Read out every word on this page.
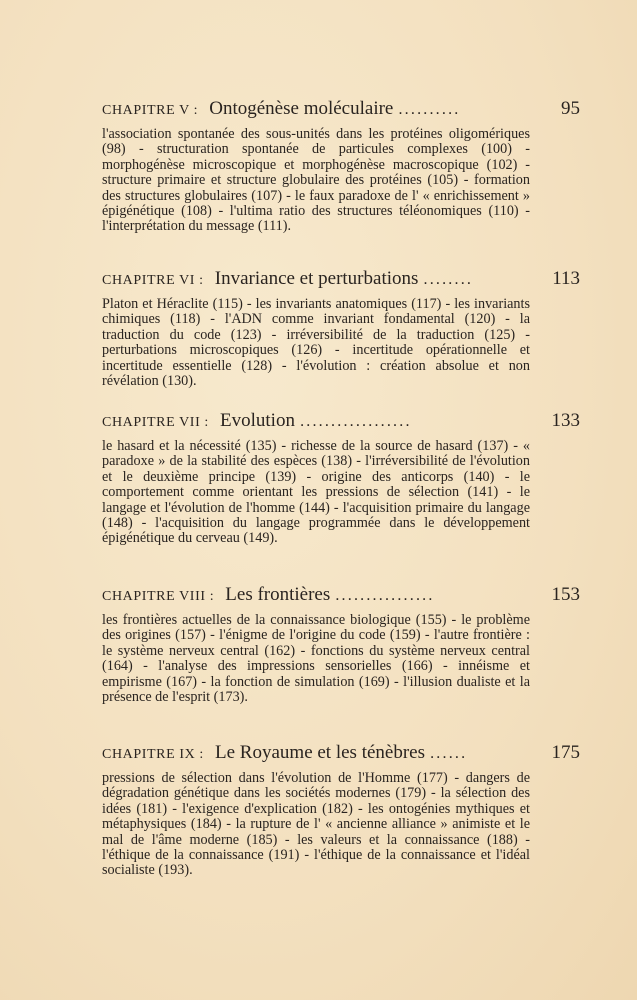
CHAPITRE V : Ontogénèse moléculaire ..........	95

l'association spontanée des sous-unités dans les protéines oligomériques (98) - structuration spontanée de particules complexes (100) - morphogénèse microscopique et morphogénèse macroscopique (102) - structure primaire et structure globulaire des protéines (105) - formation des structures globulaires (107) - le faux paradoxe de l' « enrichissement » épigénétique (108) - l'ultima ratio des structures téléonomiques (110) - l'interprétation du message (111).

CHAPITRE VI : Invariance et perturbations ........	113

Platon et Héraclite (115) - les invariants anatomiques (117) - les invariants chimiques (118) - l'ADN comme invariant fondamental (120) - la traduction du code (123) - irréversibilité de la traduction (125) - perturbations microscopiques (126) - incertitude opérationnelle et incertitude essentielle (128) - l'évolution : création absolue et non révélation (130).

CHAPITRE VII : Evolution ..................	133

le hasard et la nécessité (135) - richesse de la source de hasard (137) - « paradoxe » de la stabilité des espèces (138) - l'irréversibilité de l'évolution et le deuxième principe (139) - origine des anticorps (140) - le comportement comme orientant les pressions de sélection (141) - le langage et l'évolution de l'homme (144) - l'acquisition primaire du langage (148) - l'acquisition du langage programmée dans le développement épigénétique du cerveau (149).

CHAPITRE VIII : Les frontières ................	153

les frontières actuelles de la connaissance biologique (155) - le problème des origines (157) - l'énigme de l'origine du code (159) - l'autre frontière : le système nerveux central (162) - fonctions du système nerveux central (164) - l'analyse des impressions sensorielles (166) - innéisme et empirisme (167) - la fonction de simulation (169) - l'illusion dualiste et la présence de l'esprit (173).

CHAPITRE IX : Le Royaume et les ténèbres ......	175

pressions de sélection dans l'évolution de l'Homme (177) - dangers de dégradation génétique dans les sociétés modernes (179) - la sélection des idées (181) - l'exigence d'explication (182) - les ontogénies mythiques et métaphysiques (184) - la rupture de l' « ancienne alliance » animiste et le mal de l'âme moderne (185) - les valeurs et la connaissance (188) - l'éthique de la connaissance (191) - l'éthique de la connaissance et l'idéal socialiste (193).
